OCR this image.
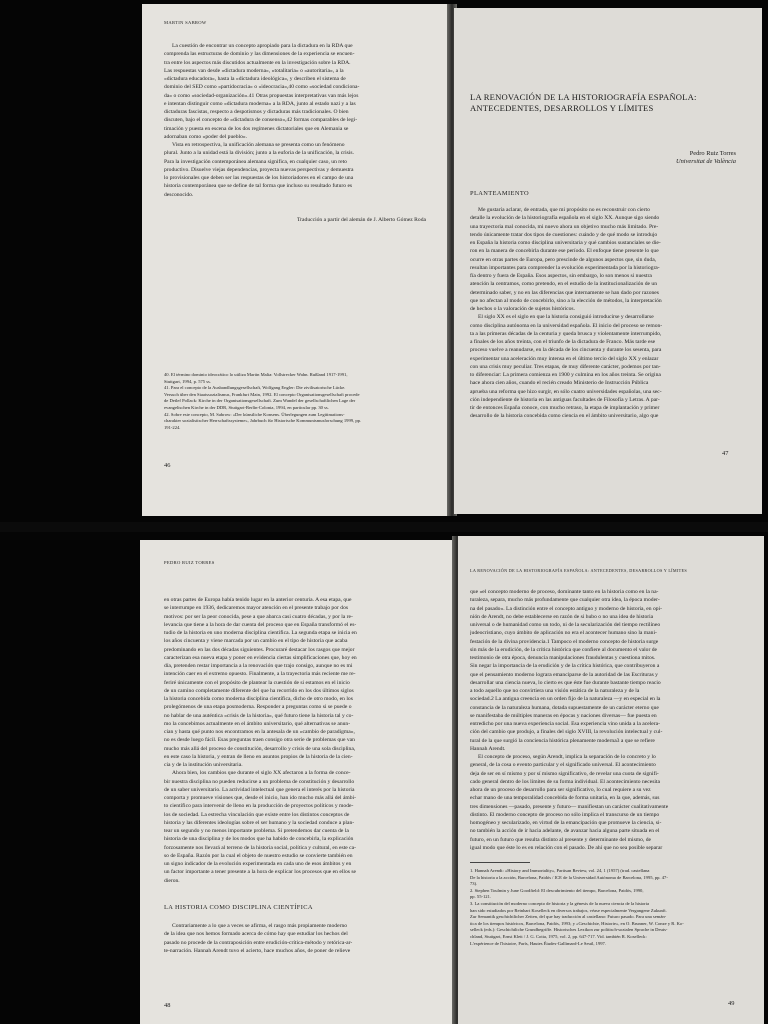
MARTIN SABROW

La cuestión de encontrar un concepto apropiado para la dictadura en la RDA que

comprenda las estructuras de dominio y las dimensiones de la experiencia se encuen-

tra entre los aspectos más discutidos actualmente en la investigación sobre la RDA.

Las respuestas van desde «dictadura moderna», «totalitaria» o «autoritaria», a la

«dictadura educadora», hasta la «dictadura ideológica», y describen el sistema de

dominio del SED como «partidocracia» o «ideocracia»,40 como «sociedad condiciona-

da» o como «sociedad-organización».41 Otras propuestas interpretativas van más lejos

e intentan distinguir como «dictadura moderna» a la RDA, junto al estado nazi y a las

dictaduras fascistas, respecto a despotismos y dictaduras más tradicionales. O bien

discuten, bajo el concepto de «dictadura de consenso»,42 formas comparables de legi-

timación y puesta en escena de los dos regímenes dictatoriales que en Alemania se

adornaban como «poder del pueblo».

Vista en retrospectiva, la unificación alemana se presenta como un fenómeno

plural. Junto a la unidad está la división; junto a la euforia de la unificación, la crisis.

Para la investigación contemporánea alemana significa, en cualquier caso, un reto

productivo. Disuelve viejas dependencias, proyecta nuevas perspectivas y demuestra

lo provisionales que deben ser las respuestas de los historiadores en el campo de una

historia contemporánea que se define de tal forma que incluso su resultado futuro es

desconocido.

Traducción a partir del alemán de J. Alberto Gómez Roda

40. El término dominio ideocrático lo utiliza Martin Malia: Vollstrecker Wahn. Rußland 1917-1991,

Stuttgart, 1994, p. 575 ss.

41. Para el concepto de la Ausbandlungsgesellschaft, Wolfgang Engler: Die zivilisatorische Lücke.

Versuch über den Staatssozialismus, Frankfurt Main, 1992. El concepto Organisationsgesellschaft procede

de Detlef Pollack: Kirche in der Organisationsgesellschaft. Zum Wandel der gesellschaftlichen Lage der

evangelischen Kirche in der DDR, Stuttgart-Berlín-Colonia, 1994, en particular pp. 30 ss.

42. Sobre este concepto, M. Sabrow: «Der künstliche Konsens. Überlegungen zum Legitimations-

charakter sozialistischer Herrschaftssysteme», Jahrbuch für Historische Kommunismusforschung 1999, pp.

191-224.

46
LA RENOVACIÓN DE LA HISTORIOGRAFÍA ESPAÑOLA:
ANTECEDENTES, DESARROLLOS Y LÍMITES
Pedro Ruiz Torres
Universitat de València
PLANTEAMIENTO

Me gustaría aclarar, de entrada, que mi propósito no es reconstruir con cierto

detalle la evolución de la historiografía española en el siglo XX. Aunque sigo siendo

una trayectoria mal conocida, mi nuevo ahora un objetivo mucho más limitado. Pre-

tendo únicamente tratar dos tipos de cuestiones: cuándo y de qué modo se introdujo

en España la historia como disciplina universitaria y qué cambios sustanciales se die-

ron en la manera de concebirla durante ese período. El enfoque tiene presente lo que

ocurre en otras partes de Europa, pero prescinde de algunos aspectos que, sin duda,

resultan importantes para comprender la evolución experimentada por la historiogra-

fía dentro y fuera de España. Esos aspectos, sin embargo, lo son menos si nuestra

atención la centramos, como pretendo, en el estudio de la institucionalización de un

determinado saber, y no en las diferencias que internamente se han dado por razones

que no afectan al modo de concebirlo, sino a la elección de métodos, la interpretación

de hechos o la valoración de sujetos históricos.

El siglo XX es el siglo en que la historia consiguió introducirse y desarrollarse

como disciplina autónoma en la universidad española. El inicio del proceso se remon-

ta a las primeras décadas de la centuria y queda brusca y violentamente interrumpido,

a finales de los años treinta, con el triunfo de la dictadura de Franco. Más tarde ese

proceso vuelve a reanudarse, en la década de los cincuenta y durante los sesenta, para

experimentar una aceleración muy intensa en el último tercio del siglo XX y enlazar

con una crisis muy peculiar. Tres etapas, de muy diferente carácter, podemos por tan-

to diferenciar: La primera comienza en 1900 y culmina en los años treinta. Se origina

hace ahora cien años, cuando el recién creado Ministerio de Instrucción Pública

aprueba una reforma que hizo surgir, en sólo cuatro universidades españolas, una sec-

ción independiente de historia en las antiguas facultades de Filosofía y Letras. A par-

tir de entonces España conoce, con mucho retraso, la etapa de implantación y primer

desarrollo de la historia concebida como ciencia en el ámbito universitario, algo que

47
PEDRO RUIZ TORRES

en otras partes de Europa había tenido lugar en la anterior centuria. A esa etapa, que

se interrumpe en 1936, dedicaremos mayor atención en el presente trabajo por dos

motivos: por ser la peor conocida, pese a que abarca casi cuatro décadas, y por la re-

levancia que tiene a la hora de dar cuenta del proceso que en España transformó el es-

tudio de la historia en uno moderna disciplina científica. La segunda etapa se inicia en

los años cincuenta y viene marcada por un cambio en el tipo de historia que acaba

predominando en las dos décadas siguientes. Procuraré destacar los rasgos que mejor

caracterizan esa nueva etapa y poner en evidencia ciertas simplificaciones que, hoy en

día, pretenden restar importancia a la renovación que trajo consigo, aunque no es mi

intención caer en el extremo opuesto. Finalmente, a la trayectoria más reciente me re-

feriré únicamente con el propósito de plantear la cuestión de si estamos en el inicio

de un camino completamente diferente del que ha recorrido en los dos últimos siglos

la historia concebida como moderna disciplina científica, dicho de otro modo, en los

prolegómenos de una etapa posmoderna. Responder a preguntas como si se puede o

no hablar de una auténtica «crisis de la historia», qué futuro tiene la historia tal y co-

mo la concebimos actualmente en el ámbito universitario, qué alternativas se anun-

cian y hasta qué punto nos encontramos en la antesala de un «cambio de paradigma»,

no es desde luego fácil. Esas preguntas traen consigo otra serie de problemas que van

mucho más allá del proceso de constitución, desarrollo y crisis de una sola disciplina,

en este caso la historia, y entran de lleno en asuntos propios de la historia de la cien-

cia y de la institución universitaria.

Ahora bien, los cambios que durante el siglo XX afectaron a la forma de conce-

bir nuestra disciplina no pueden reducirse a un problema de constitución y desarrollo

de un saber universitario. La actividad intelectual que genera el interés por la historia

comporta y promueve visiones que, desde el inicio, han ido mucho más allá del ámbi-

to científico para intervenir de lleno en la producción de proyectos políticos y mode-

los de sociedad. La estrecha vinculación que existe entre los distintos conceptos de

historia y las diferentes ideologías sobre el ser humano y la sociedad conduce a plan-

tear un segundo y no menos importante problema. Si pretendemos dar cuenta de la

historia de una disciplina y de los modos que ha habido de concebirla, la explicación

forzosamente nos llevará al terreno de la historia social, política y cultural, en este ca-

so de España. Razón por la cual el objeto de nuestro estudio se convierte también en

un signo indicador de la evolución experimentada en cada uno de esos ámbitos y en

un factor importante a tener presente a la hora de explicar los procesos que en ellos se

dieron.

LA HISTORIA COMO DISCIPLINA CIENTÍFICA

Contrariamente a lo que a veces se afirma, el rasgo más propiamente moderno

de la idea que nos hemos formado acerca de cómo hay que estudiar los hechos del

pasado no procede de la contraposición entre erudición-crítica-método y retórica-ar-

te-narración. Hannah Arendt tuvo el acierto, hace muchos años, de poner de relieve

48
LA RENOVACIÓN DE LA HISTORIOGRAFÍA ESPAÑOLA: ANTECEDENTES, DESARROLLOS Y LÍMITES

que «el concepto moderno de proceso, dominante tanto en la historia como en la na-

turaleza, separa, mucho más profundamente que cualquier otra idea, la época moder-

na del pasado». La distinción entre el concepto antiguo y moderno de historia, en opi-

nión de Arendt, no debe establecerse en razón de si hubo o no una idea de historia

universal o de humanidad como un todo, ni de la secularización del tiempo rectilíneo

judeocristiano, cuyo ámbito de aplicación no era el acontecer humano sino la mani-

festación de la divina providencia.1 Tampoco el moderno concepto de historia surge

sin más de la erudición, de la crítica histórica que confiere al documento el valor de

testimonio de otra época, denuncia manipulaciones fraudulentas y cuestiona mitos.

Sin negar la importancia de la erudición y de la crítica histórica, que contribuyeron a

que el pensamiento moderno lograra emanciparse de la autoridad de las Escrituras y

desarrollar una ciencia nueva, lo cierto es que éste fue durante bastante tiempo reacio

a todo aquello que no convirtiera una visión estática de la naturaleza y de la

sociedad.2 La antigua creencia en un orden fijo de la naturaleza —y en especial en la

constancia de la naturaleza humana, dotada supuestamente de un carácter eterno que

se manifestaba de múltiples maneras en épocas y naciones diversas— fue puesta en

entredicho por una nueva experiencia social. Esa experiencia vino unida a la acelera-

ción del cambio que produjo, a finales del siglo XVIII, la revolución intelectual y cul-

tural de la que surgió la conciencia histórica plenamente moderna3 a que se refiere

Hannah Arendt.

El concepto de proceso, según Arendt, implica la separación de lo concreto y lo

general, de la cosa o evento particular y el significado universal. El acontecimiento

deja de ser en sí mismo y por sí mismo significativo, de revelar una cuota de signifi-

cado general dentro de los límites de su forma individual. El acontecimiento necesita

ahora de un proceso de desarrollo para ser significativo, lo cual requiere a su vez

echar mano de una temporalidad concebida de forma unitaria, en la que, además, sus

tres dimensiones —pasado, presente y futuro— manifiestan un carácter cualitativamente

distinto. El moderno concepto de proceso no sólo implica el transcurso de un tiempo

homogéneo y secularizado, en virtud de la emancipación que promueve la ciencia, si-

no también la acción de ir hacia adelante, de avanzar hacia alguna parte situada en el

futuro, en un futuro que resulta distinto al presente y determinante del mismo, de

igual modo que éste lo es en relación con el pasado. De ahí que no sea posible separar

1. Hannah Arendt: «History and Immortality», Partisan Review, vol. 24, 1 (1957) (trad. castellana

De la historia a la acción, Barcelona, Paidós / ICE de la Universidad Autónoma de Barcelona, 1995, pp. 47-

73).

2. Stephen Toulmin y June Goodfield: El descubrimiento del tiempo, Barcelona, Paidós, 1990,

pp. 55-121.

3. La constitución del moderno concepto de historia y la génesis de la nueva ciencia de la historia

han sido estudiados por Reinhart Koselleck en diversos trabajos, véase especialmente Vergangene Zukunft.

Zur Semantik geschichtlicher Zeiten, del que hay traducción al castellano: Futuro pasado. Para una semán-

tica de los tiempos históricos, Barcelona, Paidós, 1993; y «Geschichte, Historie», en O. Brunner, W. Conze y R. Ko-

selleck (eds.): Geschichtliche Grundbegriffe. Historisches Lexikon zur politisch-sozialen Sprache in Deuts-

chland, Stuttgart, Ernst Klett / J. G. Cotta, 1975, vol. 2, pp. 647-717. Vid. también R. Koselleck:

L'expérience de l'histoire, París, Hautes Études-Gallimard-Le Seuil, 1997.

49
